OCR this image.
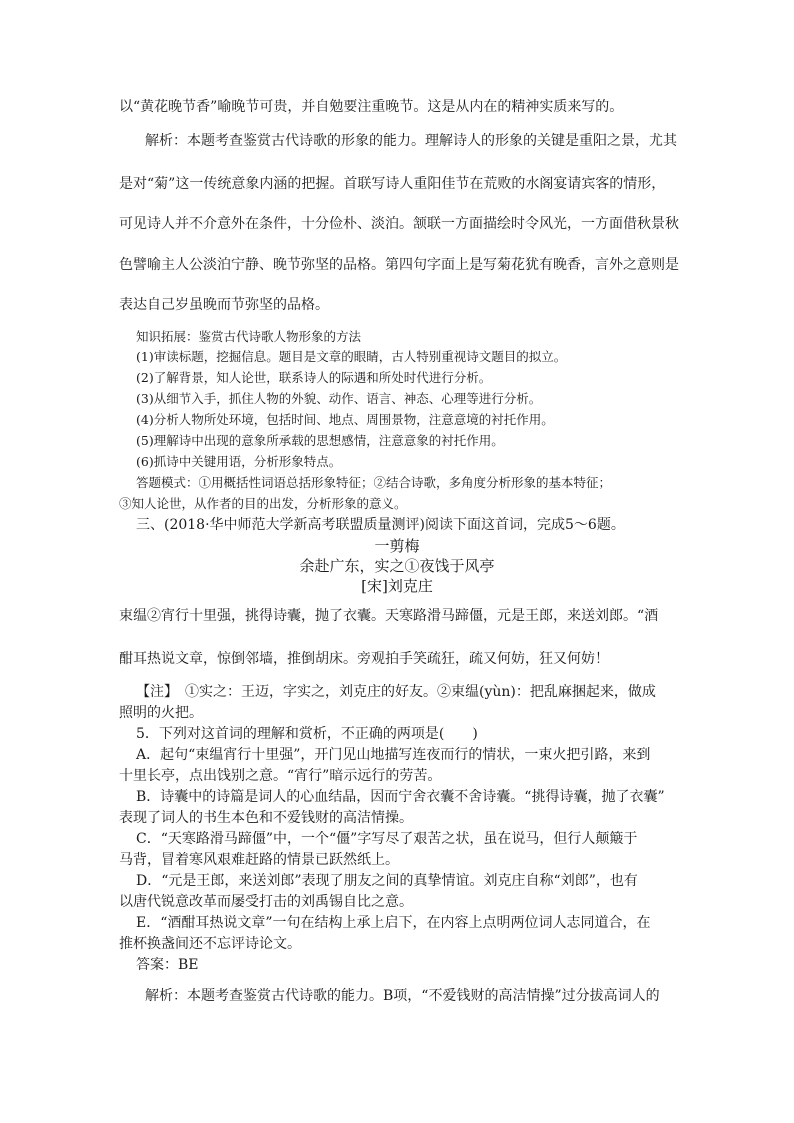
以“黄花晚节香”喻晚节可贵，并自勉要注重晚节。这是从内在的精神实质来写的。
解析：本题考查鉴赏古代诗歌的形象的能力。理解诗人的形象的关键是重阳之景，尤其
是对“菊”这一传统意象内涵的把握。首联写诗人重阳佳节在荒败的水阁宴请宾客的情形，
可见诗人并不介意外在条件，十分俭朴、淡泊。颔联一方面描绘时令风光，一方面借秋景秋
色譬喻主人公淡泊宁静、晚节弥坚的品格。第四句字面上是写菊花犹有晚香，言外之意则是
表达自己岁虽晚而节弥坚的品格。
知识拓展：鉴赏古代诗歌人物形象的方法
(1)审读标题，挖掘信息。题目是文章的眼睛，古人特别重视诗文题目的拟立。
(2)了解背景，知人论世，联系诗人的际遇和所处时代进行分析。
(3)从细节入手，抓住人物的外貌、动作、语言、神态、心理等进行分析。
(4)分析人物所处环境，包括时间、地点、周围景物，注意意境的衬托作用。
(5)理解诗中出现的意象所承载的思想感情，注意意象的衬托作用。
(6)抓诗中关键用语，分析形象特点。
答题模式：①用概括性词语总括形象特征；②结合诗歌，多角度分析形象的基本特征；
③知人论世，从作者的目的出发，分析形象的意义。
三、(2018·华中师范大学新高考联盟质量测评)阅读下面这首词，完成5～6题。
一剪梅
余赴广东，实之①夜饯于风亭
[宋]刘克庄
束缊②宵行十里强，挑得诗囊，抛了衣囊。天寒路滑马蹄僵，元是王郎，来送刘郎。“酒
酣耳热说文章，惊倒邻墙，推倒胡床。旁观拍手笑疏狂，疏又何妨，狂又何妨！
【注】　①实之：王迈，字实之，刘克庄的好友。②束缊(yùn)：把乱麻捆起来，做成
照明的火把。
5．下列对这首词的理解和赏析，不正确的两项是(　　)
A．起句“束缊宵行十里强”，开门见山地描写连夜而行的情状，一束火把引路，来到
十里长亭，点出饯别之意。“宵行”暗示远行的劳苦。
B．诗囊中的诗篇是词人的心血结晶，因而宁舍衣囊不舍诗囊。“挑得诗囊，抛了衣囊”
表现了词人的书生本色和不爱钱财的高洁情操。
C．“天寒路滑马蹄僵”中，一个“僵”字写尽了艰苦之状，虽在说马，但行人颠簸于
马背，冒着寒风艰难赶路的情景已跃然纸上。
D．“元是王郎，来送刘郎”表现了朋友之间的真挚情谊。刘克庄自称“刘郎”，也有
以唐代锐意改革而屡受打击的刘禹锡自比之意。
E．“酒酣耳热说文章”一句在结构上承上启下，在内容上点明两位词人志同道合，在
推杯换盏间还不忘评诗论文。
答案：BE
解析：本题考查鉴赏古代诗歌的能力。B项，“不爱钱财的高洁情操”过分拔高词人的
